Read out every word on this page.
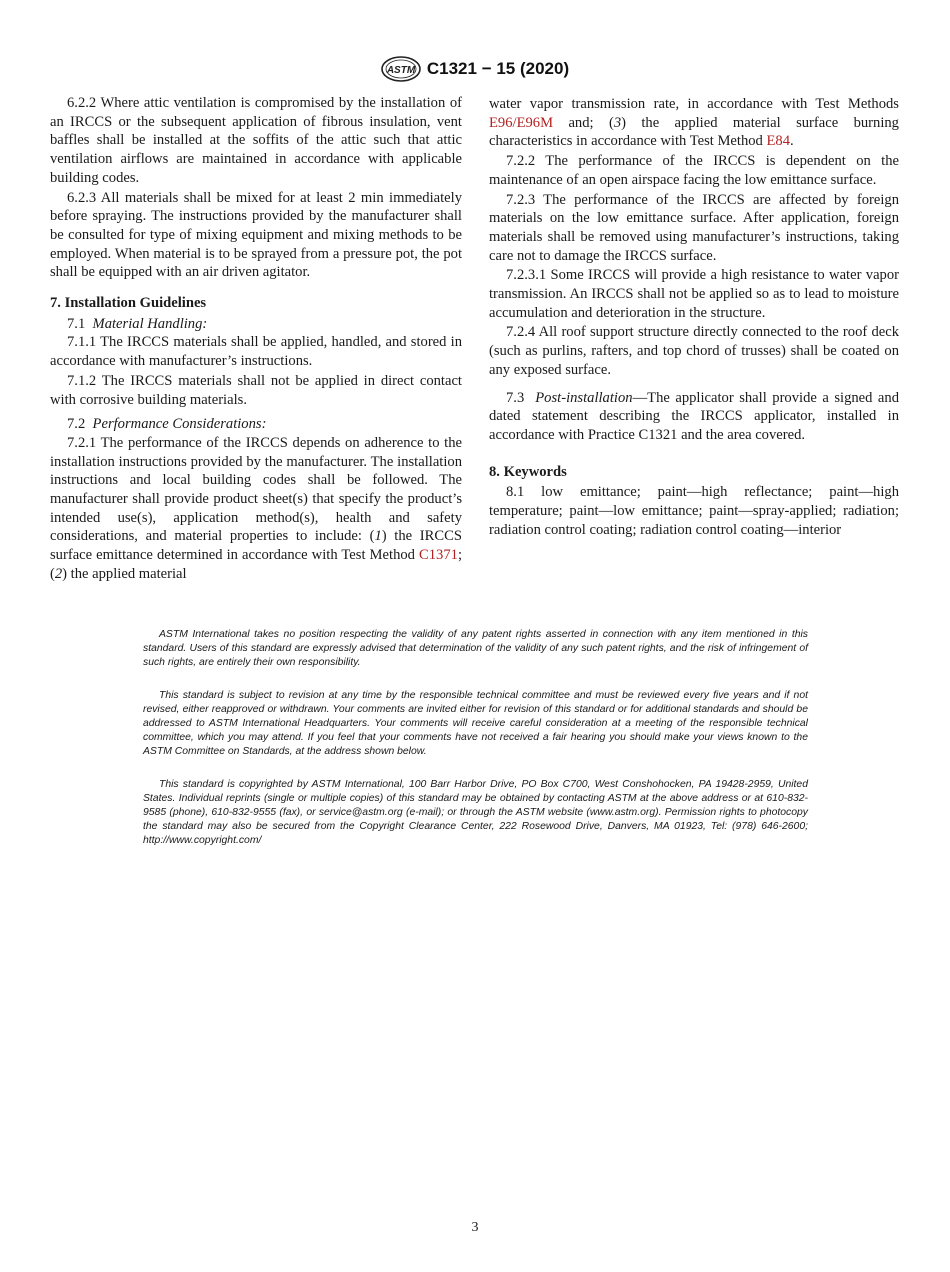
ASTM C1321 − 15 (2020)

6.2.2 Where attic ventilation is compromised by the installation of an IRCCS or the subsequent application of fibrous insulation, vent baffles shall be installed at the soffits of the attic such that attic ventilation airflows are maintained in accordance with applicable building codes.

6.2.3 All materials shall be mixed for at least 2 min immediately before spraying. The instructions provided by the manufacturer shall be consulted for type of mixing equipment and mixing methods to be employed. When material is to be sprayed from a pressure pot, the pot shall be equipped with an air driven agitator.

7. Installation Guidelines

7.1 Material Handling:

7.1.1 The IRCCS materials shall be applied, handled, and stored in accordance with manufacturer’s instructions.

7.1.2 The IRCCS materials shall not be applied in direct contact with corrosive building materials.

7.2 Performance Considerations:

7.2.1 The performance of the IRCCS depends on adherence to the installation instructions provided by the manufacturer. The installation instructions and local building codes shall be followed. The manufacturer shall provide product sheet(s) that specify the product’s intended use(s), application method(s), health and safety considerations, and material properties to include: (1) the IRCCS surface emittance determined in accordance with Test Method C1371; (2) the applied material

water vapor transmission rate, in accordance with Test Methods E96/E96M and; (3) the applied material surface burning characteristics in accordance with Test Method E84.

7.2.2 The performance of the IRCCS is dependent on the maintenance of an open airspace facing the low emittance surface.

7.2.3 The performance of the IRCCS are affected by foreign materials on the low emittance surface. After application, foreign materials shall be removed using manufacturer’s instructions, taking care not to damage the IRCCS surface.

7.2.3.1 Some IRCCS will provide a high resistance to water vapor transmission. An IRCCS shall not be applied so as to lead to moisture accumulation and deterioration in the structure.

7.2.4 All roof support structure directly connected to the roof deck (such as purlins, rafters, and top chord of trusses) shall be coated on any exposed surface.

7.3 Post-installation—The applicator shall provide a signed and dated statement describing the IRCCS applicator, installed in accordance with Practice C1321 and the area covered.

8. Keywords

8.1 low emittance; paint—high reflectance; paint—high temperature; paint—low emittance; paint—spray-applied; radiation; radiation control coating; radiation control coating—interior

ASTM International takes no position respecting the validity of any patent rights asserted in connection with any item mentioned in this standard. Users of this standard are expressly advised that determination of the validity of any such patent rights, and the risk of infringement of such rights, are entirely their own responsibility.

This standard is subject to revision at any time by the responsible technical committee and must be reviewed every five years and if not revised, either reapproved or withdrawn. Your comments are invited either for revision of this standard or for additional standards and should be addressed to ASTM International Headquarters. Your comments will receive careful consideration at a meeting of the responsible technical committee, which you may attend. If you feel that your comments have not received a fair hearing you should make your views known to the ASTM Committee on Standards, at the address shown below.

This standard is copyrighted by ASTM International, 100 Barr Harbor Drive, PO Box C700, West Conshohocken, PA 19428-2959, United States. Individual reprints (single or multiple copies) of this standard may be obtained by contacting ASTM at the above address or at 610-832-9585 (phone), 610-832-9555 (fax), or service@astm.org (e-mail); or through the ASTM website (www.astm.org). Permission rights to photocopy the standard may also be secured from the Copyright Clearance Center, 222 Rosewood Drive, Danvers, MA 01923, Tel: (978) 646-2600; http://www.copyright.com/

3
